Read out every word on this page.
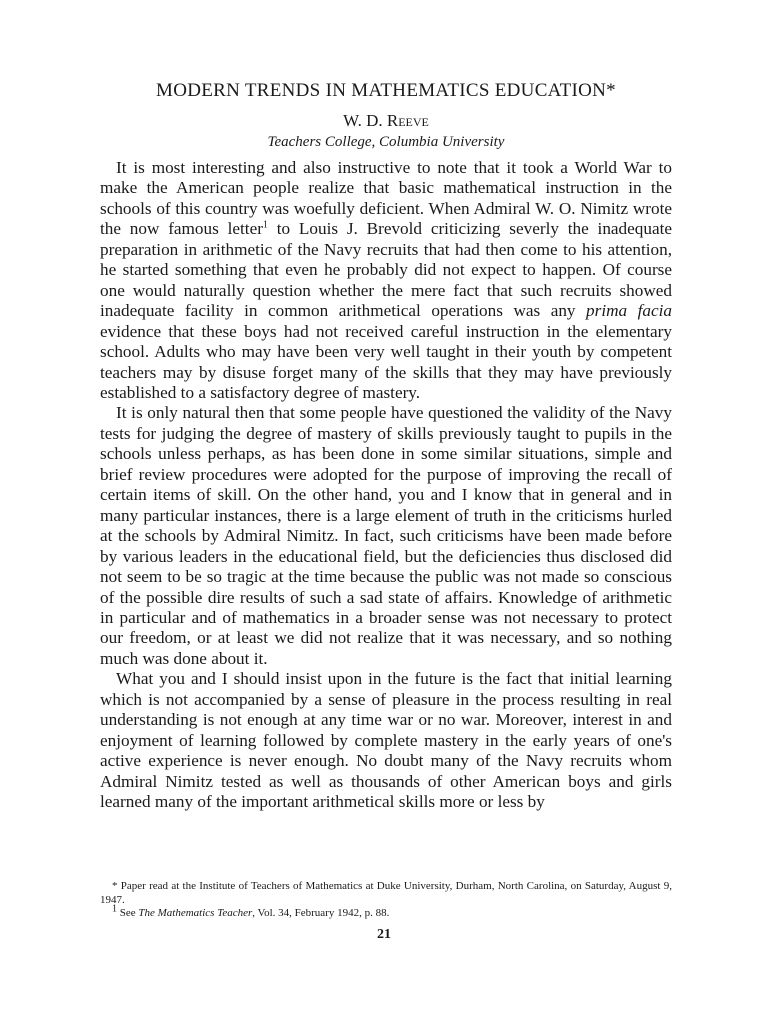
MODERN TRENDS IN MATHEMATICS EDUCATION*
W. D. Reeve
Teachers College, Columbia University

It is most interesting and also instructive to note that it took a World War to make the American people realize that basic mathematical instruction in the schools of this country was woefully deficient. When Admiral W. O. Nimitz wrote the now famous letter$^1$ to Louis J. Brevold criticizing severly the inadequate preparation in arithmetic of the Navy recruits that had then come to his attention, he started something that even he probably did not expect to happen. Of course one would naturally question whether the mere fact that such recruits showed inadequate facility in common arithmetical operations was any prima facia evidence that these boys had not received careful instruction in the elementary school. Adults who may have been very well taught in their youth by competent teachers may by disuse forget many of the skills that they may have previously established to a satisfactory degree of mastery.

It is only natural then that some people have questioned the validity of the Navy tests for judging the degree of mastery of skills previously taught to pupils in the schools unless perhaps, as has been done in some similar situations, simple and brief review procedures were adopted for the purpose of improving the recall of certain items of skill. On the other hand, you and I know that in general and in many particular instances, there is a large element of truth in the criticisms hurled at the schools by Admiral Nimitz. In fact, such criticisms have been made before by various leaders in the educational field, but the deficiencies thus disclosed did not seem to be so tragic at the time because the public was not made so conscious of the possible dire results of such a sad state of affairs. Knowledge of arithmetic in particular and of mathematics in a broader sense was not necessary to protect our freedom, or at least we did not realize that it was necessary, and so nothing much was done about it.

What you and I should insist upon in the future is the fact that initial learning which is not accompanied by a sense of pleasure in the process resulting in real understanding is not enough at any time war or no war. Moreover, interest in and enjoyment of learning followed by complete mastery in the early years of one's active experience is never enough. No doubt many of the Navy recruits whom Admiral Nimitz tested as well as thousands of other American boys and girls learned many of the important arithmetical skills more or less by

* Paper read at the Institute of Teachers of Mathematics at Duke University, Durham, North Carolina, on Saturday, August 9, 1947.

$^1$ See The Mathematics Teacher, Vol. 34, February 1942, p. 88.

21
